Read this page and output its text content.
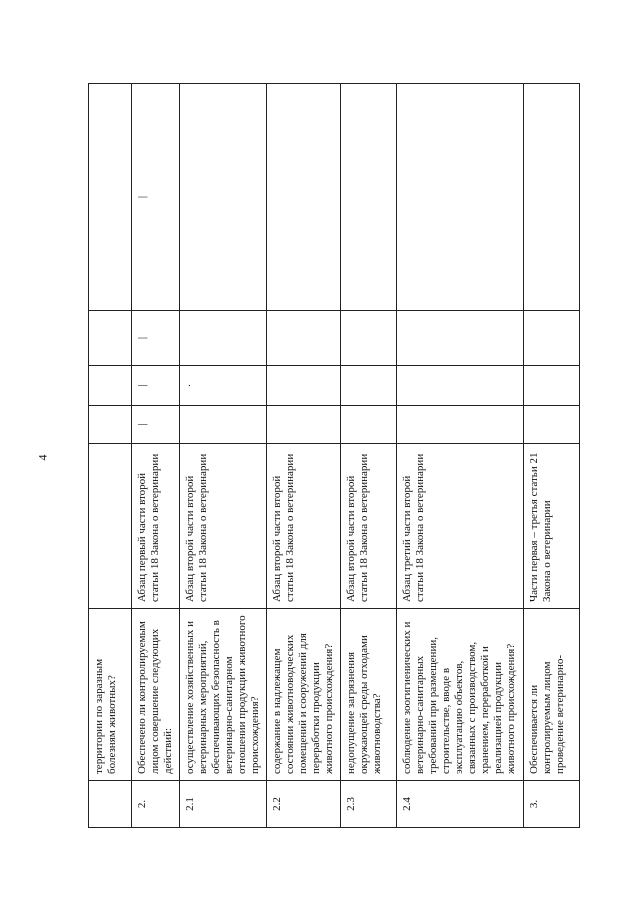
4
	территории по заразным болезням животных?		

2.	Обеспечено ли контролируемым лицом совершение следующих действий:	Абзац первый части второй статьи 18 Закона о ветеринарии	|	|	|	|

2.1	осуществление хозяйственных и ветеринарных мероприятий, обеспечивающих безопасность в ветеринарно-санитарном отношении продукции животного происхождения?	Абзац второй части второй статьи 18 Закона о ветеринарии		·		

2.2	содержание в надлежащем состоянии животноводческих помещений и сооружений для переработки продукции животного происхождения?	Абзац второй части второй статьи 18 Закона о ветеринарии	

2.3	недопущение загрязнения окружающей среды отходами животноводства?	Абзац второй части второй статьи 18 Закона о ветеринарии	

2.4	соблюдение зоогигиенических и ветеринарно-санитарных требований при размещении, строительстве, вводе в эксплуатацию объектов, связанных с производством, хранением, переработкой и реализацией продукции животного происхождения?	Абзац третий части второй статьи 18 Закона о ветеринарии	

3.	Обеспечивается ли контролируемым лицом проведение ветеринарно-	Части первая – третья статьи 21 Закона о ветеринарии	
